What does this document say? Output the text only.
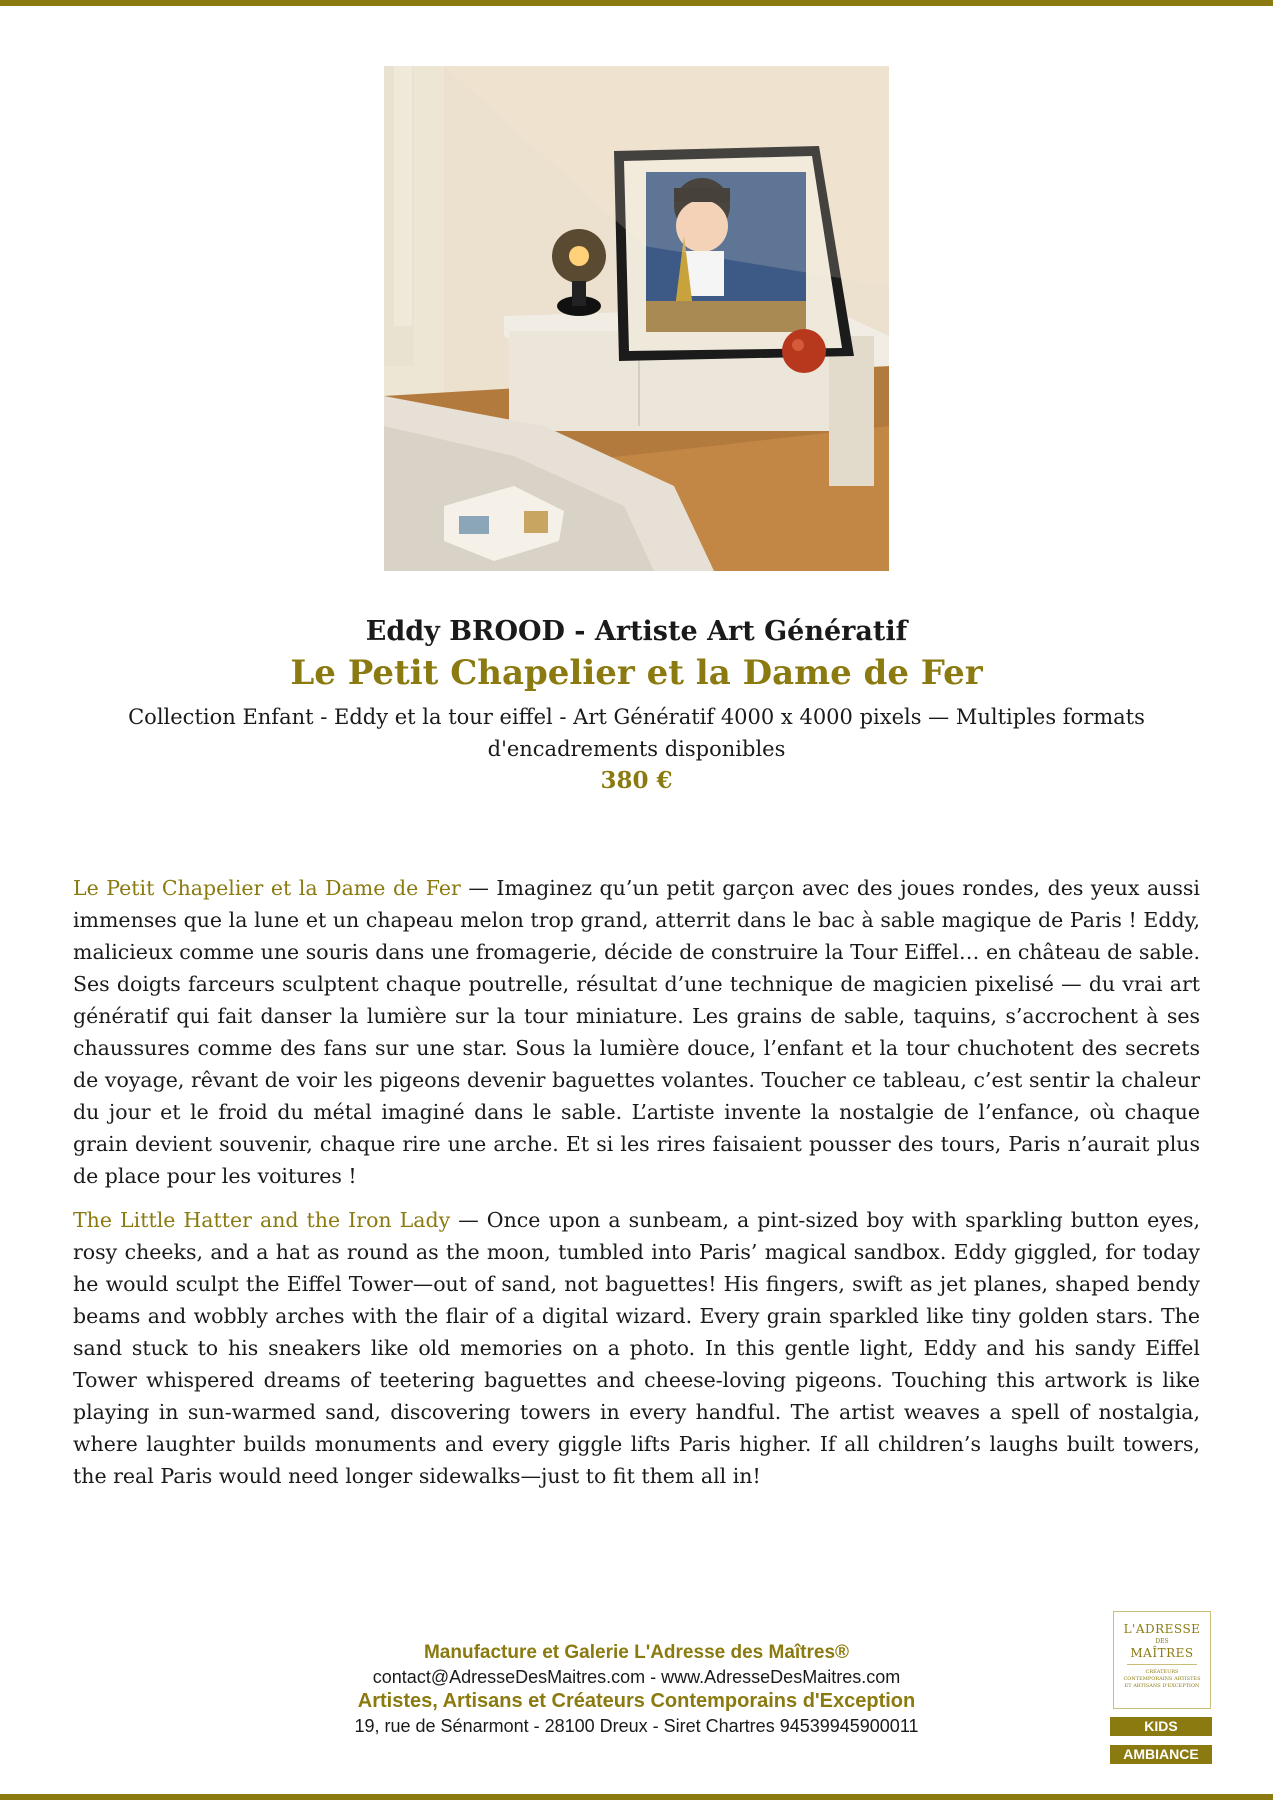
Eddy BROOD - Artiste Art Génératif
Le Petit Chapelier et la Dame de Fer
Collection Enfant - Eddy et la tour eiffel - Art Génératif 4000 x 4000 pixels — Multiples formats d'encadrements disponibles
380 €

Le Petit Chapelier et la Dame de Fer — Imaginez qu’un petit garçon avec des joues rondes, des yeux aussi immenses que la lune et un chapeau melon trop grand, atterrit dans le bac à sable magique de Paris ! Eddy, malicieux comme une souris dans une fromagerie, décide de construire la Tour Eiffel… en château de sable. Ses doigts farceurs sculptent chaque poutrelle, résultat d’une technique de magicien pixelisé — du vrai art génératif qui fait danser la lumière sur la tour miniature. Les grains de sable, taquins, s’accrochent à ses chaussures comme des fans sur une star. Sous la lumière douce, l’enfant et la tour chuchotent des secrets de voyage, rêvant de voir les pigeons devenir baguettes volantes. Toucher ce tableau, c’est sentir la chaleur du jour et le froid du métal imaginé dans le sable. L’artiste invente la nostalgie de l’enfance, où chaque grain devient souvenir, chaque rire une arche. Et si les rires faisaient pousser des tours, Paris n’aurait plus de place pour les voitures !

The Little Hatter and the Iron Lady — Once upon a sunbeam, a pint-sized boy with sparkling button eyes, rosy cheeks, and a hat as round as the moon, tumbled into Paris’ magical sandbox. Eddy giggled, for today he would sculpt the Eiffel Tower—out of sand, not baguettes! His fingers, swift as jet planes, shaped bendy beams and wobbly arches with the flair of a digital wizard. Every grain sparkled like tiny golden stars. The sand stuck to his sneakers like old memories on a photo. In this gentle light, Eddy and his sandy Eiffel Tower whispered dreams of teetering baguettes and cheese-loving pigeons. Touching this artwork is like playing in sun-warmed sand, discovering towers in every handful. The artist weaves a spell of nostalgia, where laughter builds monuments and every giggle lifts Paris higher. If all children’s laughs built towers, the real Paris would need longer sidewalks—just to fit them all in!

Manufacture et Galerie L'Adresse des Maîtres®
contact@AdresseDesMaitres.com - www.AdresseDesMaitres.com
Artistes, Artisans et Créateurs Contemporains d'Exception
19, rue de Sénarmont - 28100 Dreux - Siret Chartres 94539945900011
L'ADRESSE
DES
MAÎTRES
CRÉATEURS CONTEMPORAINS ARTISTES ET ARTISANS D'EXCEPTION
KIDS
AMBIANCE
